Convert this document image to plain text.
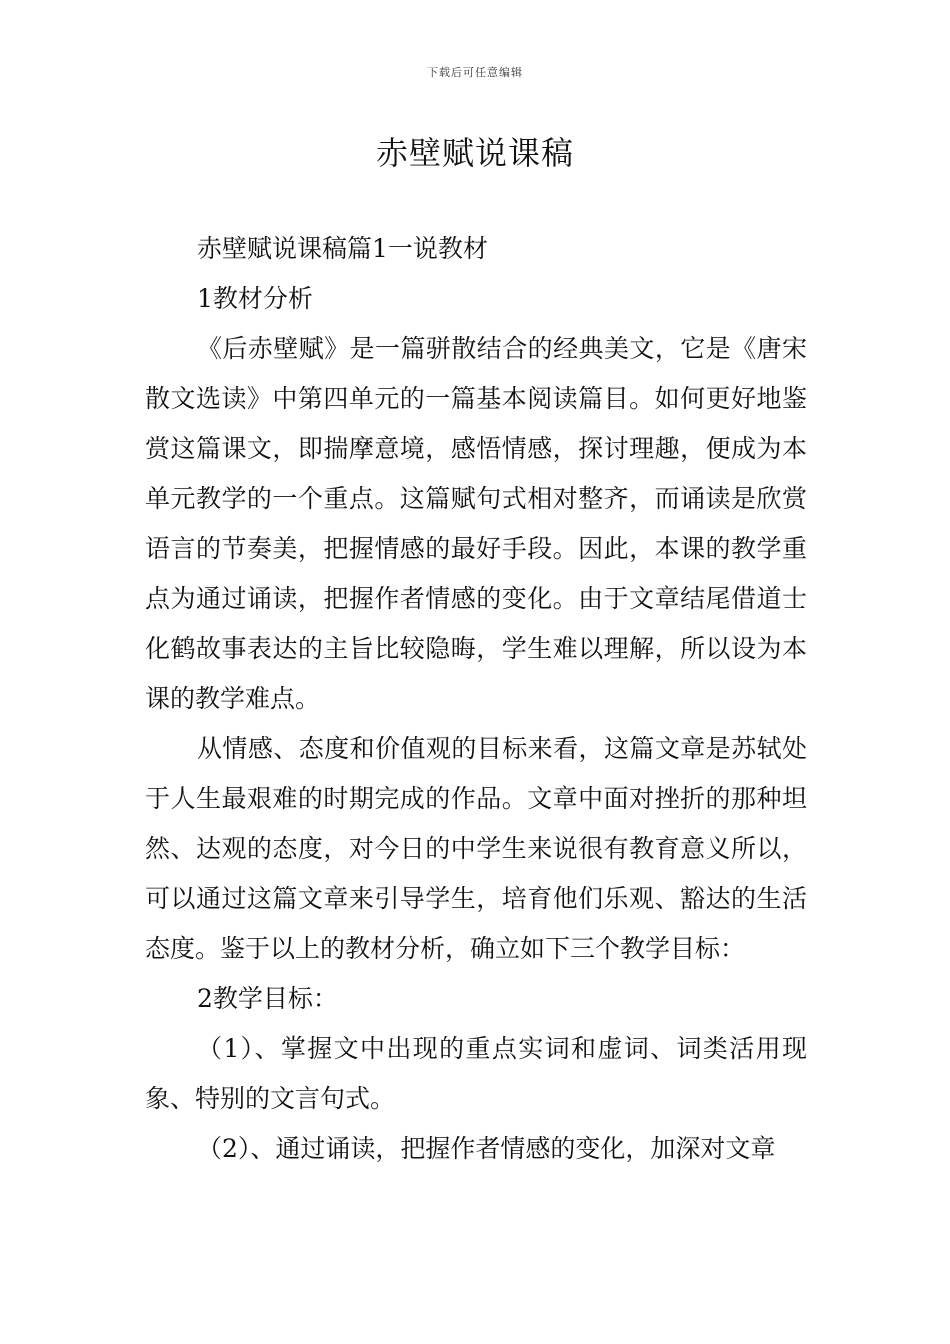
下载后可任意编辑
赤壁赋说课稿

赤壁赋说课稿篇1一说教材

1教材分析

《后赤壁赋》是一篇骈散结合的经典美文，它是《唐宋散文选读》中第四单元的一篇基本阅读篇目。如何更好地鉴赏这篇课文，即揣摩意境，感悟情感，探讨理趣，便成为本单元教学的一个重点。这篇赋句式相对整齐，而诵读是欣赏语言的节奏美，把握情感的最好手段。因此，本课的教学重点为通过诵读，把握作者情感的变化。由于文章结尾借道士化鹤故事表达的主旨比较隐晦，学生难以理解，所以设为本课的教学难点。

从情感、态度和价值观的目标来看，这篇文章是苏轼处于人生最艰难的时期完成的作品。文章中面对挫折的那种坦然、达观的态度，对今日的中学生来说很有教育意义所以，可以通过这篇文章来引导学生，培育他们乐观、豁达的生活态度。鉴于以上的教材分析，确立如下三个教学目标：

2教学目标：

（1）、掌握文中出现的重点实词和虚词、词类活用现象、特别的文言句式。

（2）、通过诵读，把握作者情感的变化，加深对文章
